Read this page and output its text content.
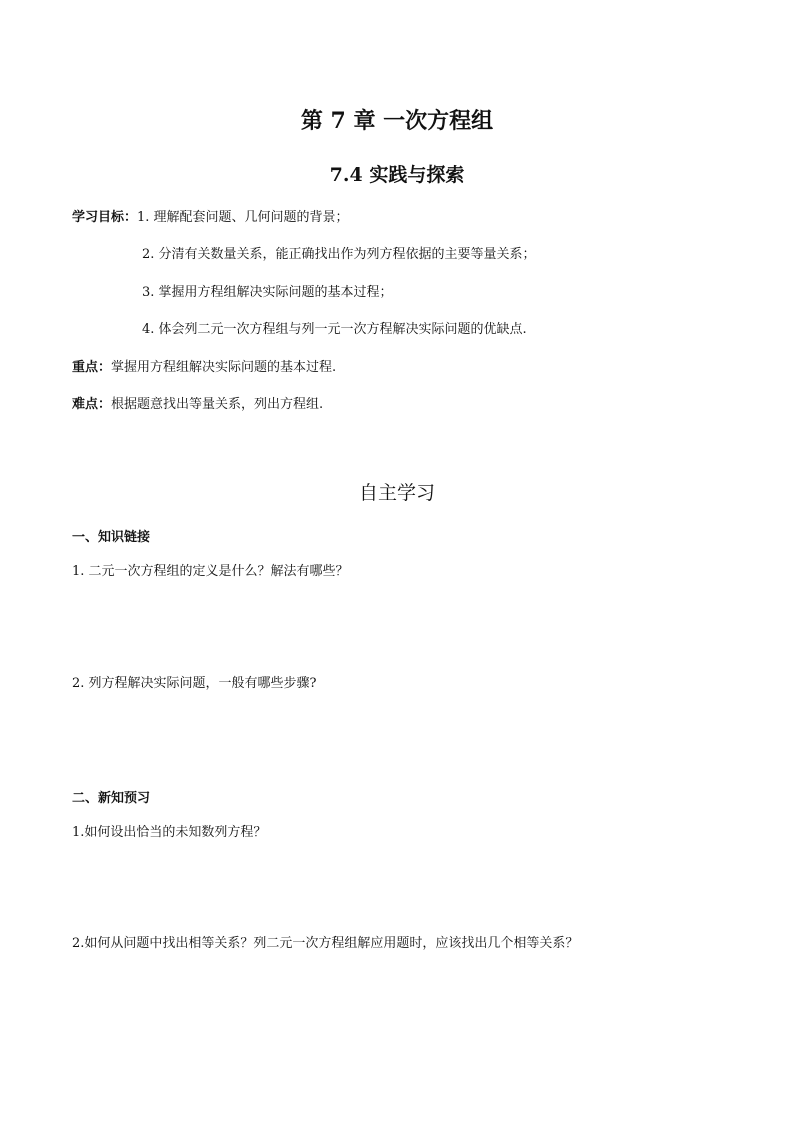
第 7 章 一次方程组
7.4 实践与探索
学习目标：1. 理解配套问题、几何问题的背景；
2. 分清有关数量关系，能正确找出作为列方程依据的主要等量关系；
3. 掌握用方程组解决实际问题的基本过程；
4. 体会列二元一次方程组与列一元一次方程解决实际问题的优缺点.
重点：掌握用方程组解决实际问题的基本过程.
难点：根据题意找出等量关系，列出方程组.
自主学习
一、知识链接
1. 二元一次方程组的定义是什么？解法有哪些？
2. 列方程解决实际问题，一般有哪些步骤?
二、新知预习
1.如何设出恰当的未知数列方程？
2.如何从问题中找出相等关系？列二元一次方程组解应用题时，应该找出几个相等关系？
